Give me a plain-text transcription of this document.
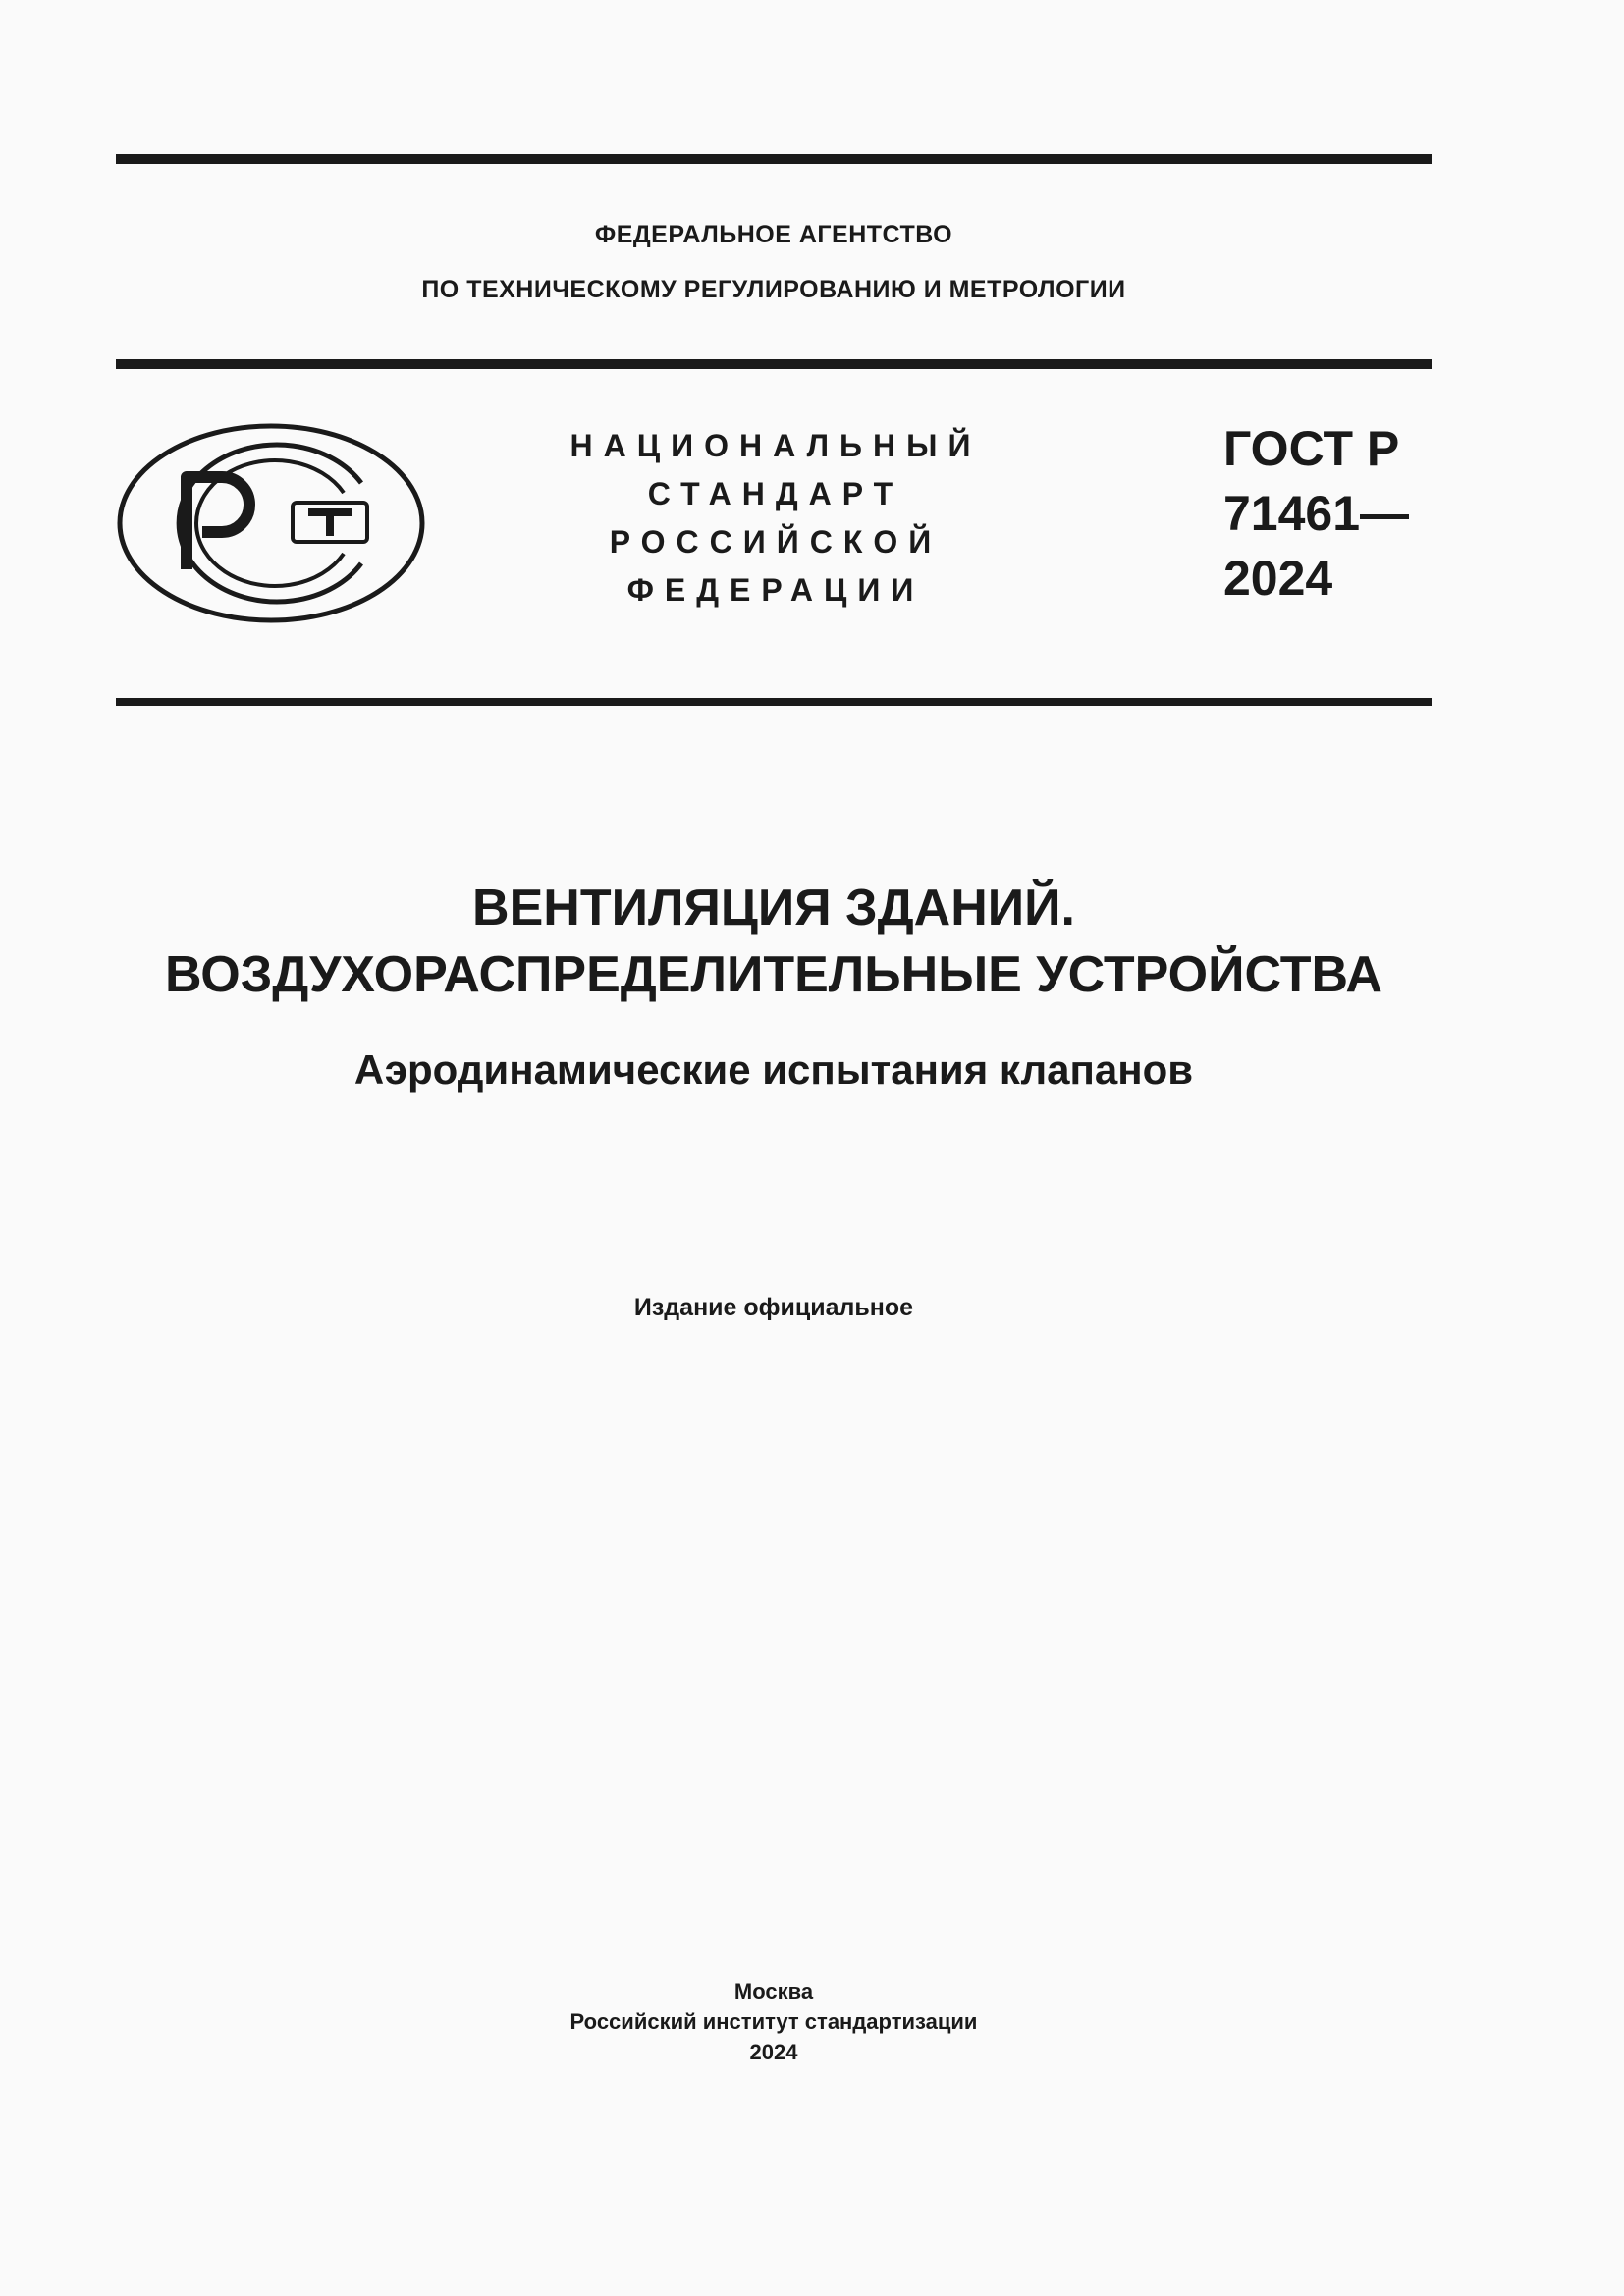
ФЕДЕРАЛЬНОЕ АГЕНТСТВО
ПО ТЕХНИЧЕСКОМУ РЕГУЛИРОВАНИЮ И МЕТРОЛОГИИ
НАЦИОНАЛЬНЫЙ
СТАНДАРТ
РОССИЙСКОЙ
ФЕДЕРАЦИИ
ГОСТ Р
71461—
2024
ВЕНТИЛЯЦИЯ ЗДАНИЙ.
ВОЗДУХОРАСПРЕДЕЛИТЕЛЬНЫЕ УСТРОЙСТВА
Аэродинамические испытания клапанов
Издание официальное
Москва
Российский институт стандартизации
2024
